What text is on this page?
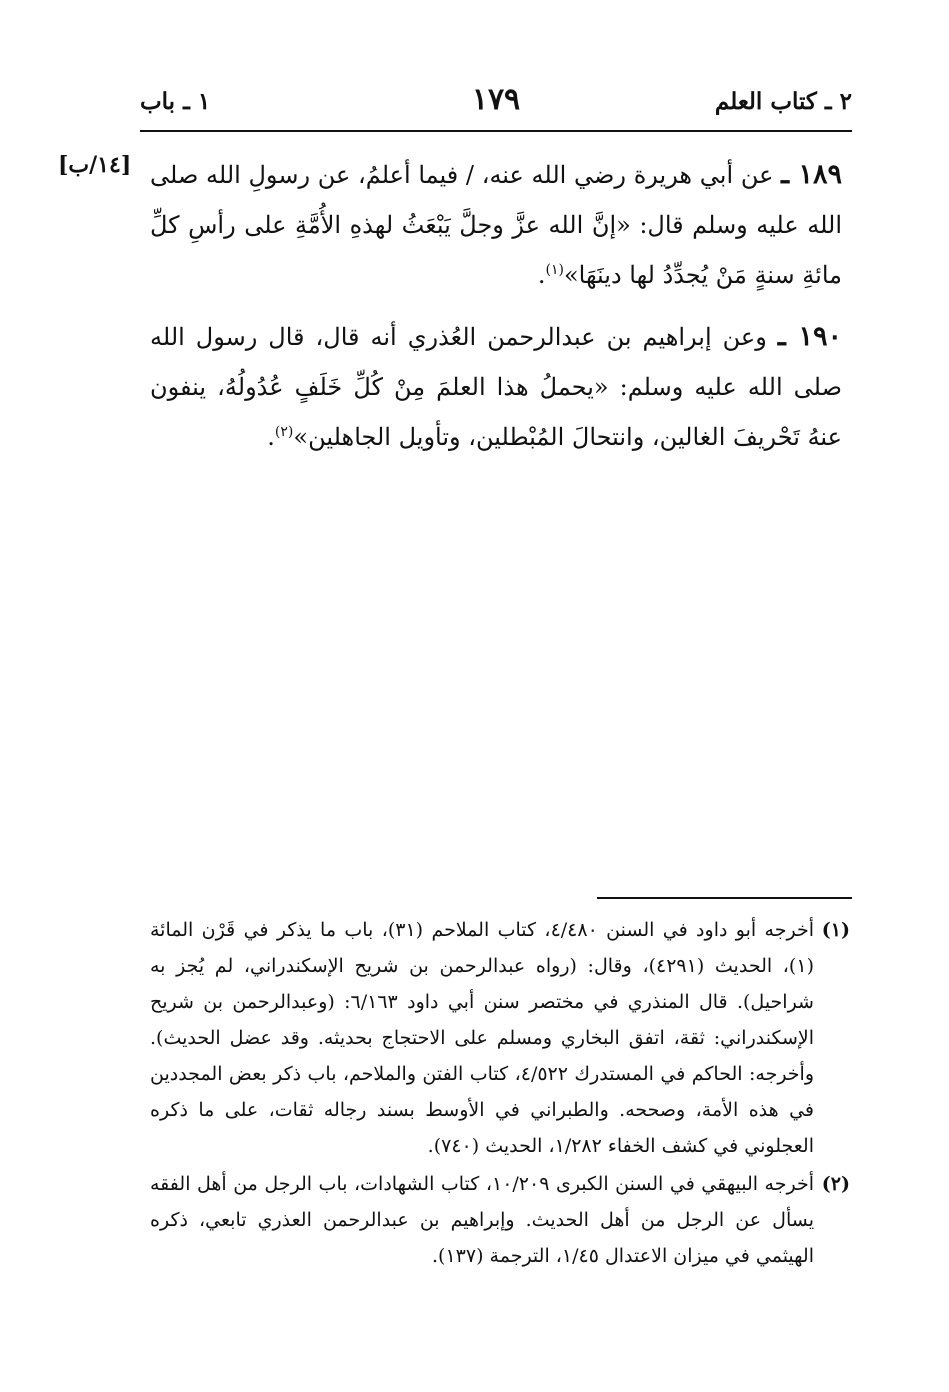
٢ ـ كتاب العلم
١٧٩
١ ـ باب
[١٤/ب]	١٨٩ ـ عن أبي هريرة رضي الله عنه، / فيما أعلمُ، عن رسولِ الله صلى الله عليه وسلم قال: «إنَّ الله عزَّ وجلَّ يَبْعَثُ لهذهِ الأُمَّةِ على رأسِ كلِّ مائةِ سنةٍ مَنْ يُجدِّدُ لها دينَهَا»$^{(١)}$.
١٩٠ ـ وعن إبراهيم بن عبدالرحمن العُذري أنه قال، قال رسول الله صلى الله عليه وسلم: «يحملُ هذا العلمَ مِنْ كُلِّ خَلَفٍ عُدُولُهُ، ينفون عنهُ تَحْريفَ الغالين، وانتحالَ المُبْطلين، وتأويل الجاهلين»$^{(٢)}$.
(١)
أخرجه أبو داود في السنن ٤/٤٨٠، كتاب الملاحم (٣١)، باب ما يذكر في قَرْن المائة (١)، الحديث (٤٢٩١)، وقال: (رواه عبدالرحمن بن شريح الإسكندراني، لم يُجز به شراحيل). قال المنذري في مختصر سنن أبي داود ٦/١٦٣: (وعبدالرحمن بن شريح الإسكندراني: ثقة، اتفق البخاري ومسلم على الاحتجاج بحديثه. وقد عضل الحديث). وأخرجه: الحاكم في المستدرك ٤/٥٢٢، كتاب الفتن والملاحم، باب ذكر بعض المجددين في هذه الأمة، وصححه. والطبراني في الأوسط بسند رجاله ثقات، على ما ذكره العجلوني في كشف الخفاء ١/٢٨٢، الحديث (٧٤٠).
(٢)
أخرجه البيهقي في السنن الكبرى ١٠/٢٠٩، كتاب الشهادات، باب الرجل من أهل الفقه يسأل عن الرجل من أهل الحديث. وإبراهيم بن عبدالرحمن العذري تابعي، ذكره الهيثمي في ميزان الاعتدال ١/٤٥، الترجمة (١٣٧).
